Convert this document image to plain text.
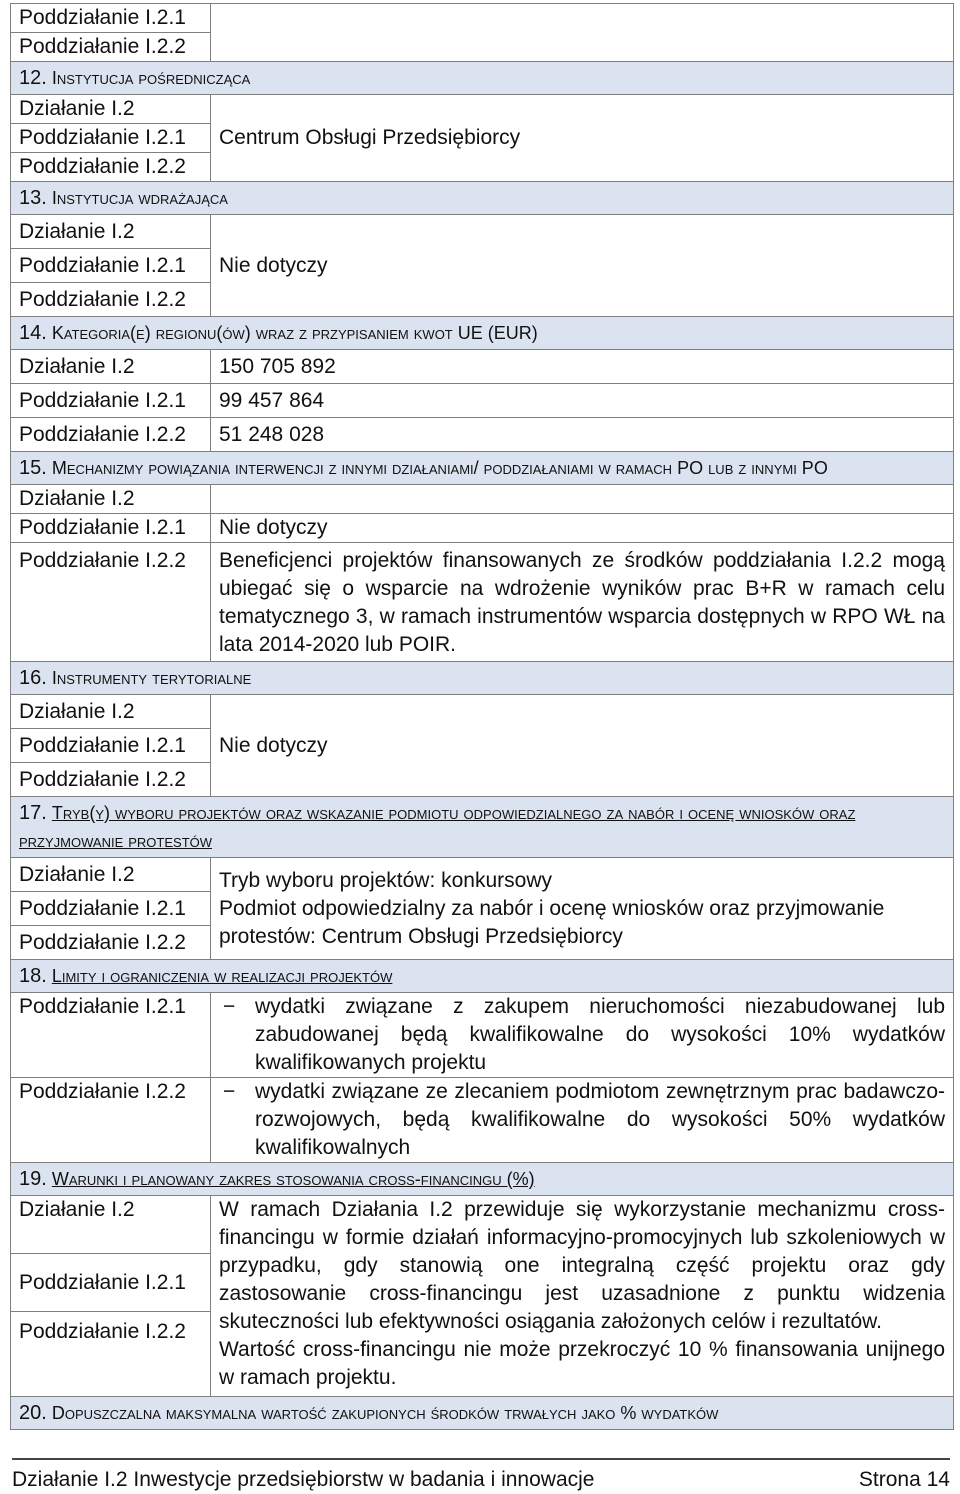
Poddziałanie I.2.1	
Poddziałanie I.2.2	
12. Instytucja pośrednicząca	
Działanie I.2	Centrum Obsługi Przedsiębiorcy
Poddziałanie I.2.1	
Poddziałanie I.2.2	
13. Instytucja wdrażająca	
Działanie I.2	Nie dotyczy
Poddziałanie I.2.1	
Poddziałanie I.2.2	
14. Kategoria(e) regionu(ów) wraz z przypisaniem kwot UE (EUR)	
Działanie I.2	150 705 892
Poddziałanie I.2.1	99 457 864
Poddziałanie I.2.2	51 248 028
15. Mechanizmy powiązania interwencji z innymi działaniami/ poddziałaniami w ramach PO lub z innymi PO	
Działanie I.2	
Poddziałanie I.2.1	Nie dotyczy
Poddziałanie I.2.2	Beneficjenci projektów finansowanych ze środków poddziałania I.2.2 mogą ubiegać się o wsparcie na wdrożenie wyników prac B+R w ramach celu tematycznego 3, w ramach instrumentów wsparcia dostępnych w RPO WŁ na lata 2014-2020 lub POIR.
16. Instrumenty terytorialne	
Działanie I.2	Nie dotyczy
Poddziałanie I.2.1	
Poddziałanie I.2.2	
17. Tryb(y) wyboru projektów oraz wskazanie podmiotu odpowiedzialnego za nabór i ocenę wniosków oraz przyjmowanie protestów	
Działanie I.2	Tryb wyboru projektów: konkursowy
Podmiot odpowiedzialny za nabór i ocenę wniosków oraz przyjmowanie protestów: Centrum Obsługi Przedsiębiorcy

Poddziałanie I.2.1	
Poddziałanie I.2.2	
18. Limity i ograniczenia w realizacji projektów	
Poddziałanie I.2.1	− wydatki związane z zakupem nieruchomości niezabudowanej lub zabudowanej będą kwalifikowalne do wysokości 10% wydatków kwalifikowanych projektu

Poddziałanie I.2.2	− wydatki związane ze zlecaniem podmiotom zewnętrznym prac badawczo-rozwojowych, będą kwalifikowalne do wysokości 50% wydatków kwalifikowalnych

19. Warunki i planowany zakres stosowania cross-financingu (%)	
Działanie I.2	W ramach Działania I.2 przewiduje się wykorzystanie mechanizmu cross-financingu w formie działań informacyjno-promocyjnych lub szkoleniowych w przypadku, gdy stanowią one integralną część projektu oraz gdy zastosowanie cross-financingu jest uzasadnione z punktu widzenia skuteczności lub efektywności osiągania założonych celów i rezultatów.
Wartość cross-financingu nie może przekroczyć 10 % finansowania unijnego w ramach projektu.

Poddziałanie I.2.1	
Poddziałanie I.2.2	
20. Dopuszczalna maksymalna wartość zakupionych środków trwałych jako % wydatków	
Działanie I.2 Inwestycje przedsiębiorstw w badania i innowacje	Strona 14
